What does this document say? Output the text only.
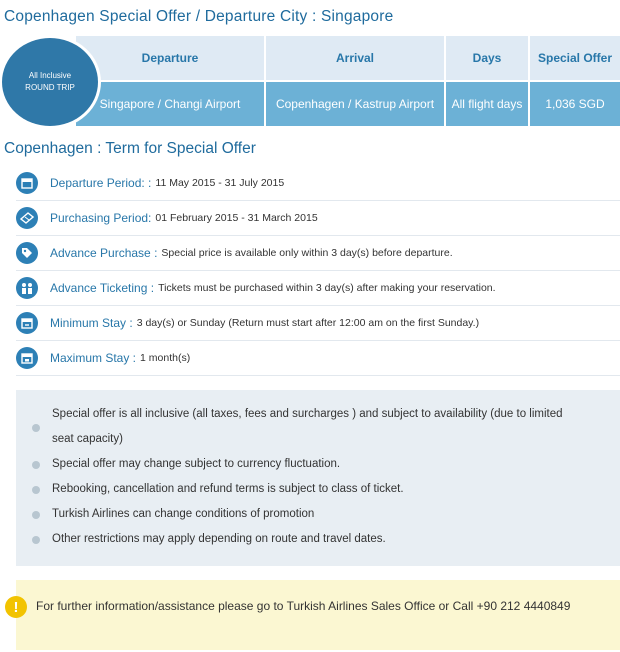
Copenhagen Special Offer / Departure City : Singapore
All Inclusive
ROUND TRIP
Departure	Arrival	Days	Special Offer
Singapore / Changi Airport	Copenhagen / Kastrup Airport	All flight days	1,036 SGD
Copenhagen : Term for Special Offer
Departure Period: : 11 May 2015 - 31 July 2015
Purchasing Period: 01 February 2015 - 31 March 2015
Advance Purchase : Special price is available only within 3 day(s) before departure.
Advance Ticketing : Tickets must be purchased within 3 day(s) after making your reservation.
Minimum Stay : 3 day(s) or Sunday (Return must start after 12:00 am on the first Sunday.)
Maximum Stay : 1 month(s)
Special offer is all inclusive (all taxes, fees and surcharges ) and subject to availability (due to limited seat capacity)
Special offer may change subject to currency fluctuation.
Rebooking, cancellation and refund terms is subject to class of ticket.
Turkish Airlines can change conditions of promotion
Other restrictions may apply depending on route and travel dates.
!	For further information/assistance please go to Turkish Airlines Sales Office or Call +90 212 4440849
